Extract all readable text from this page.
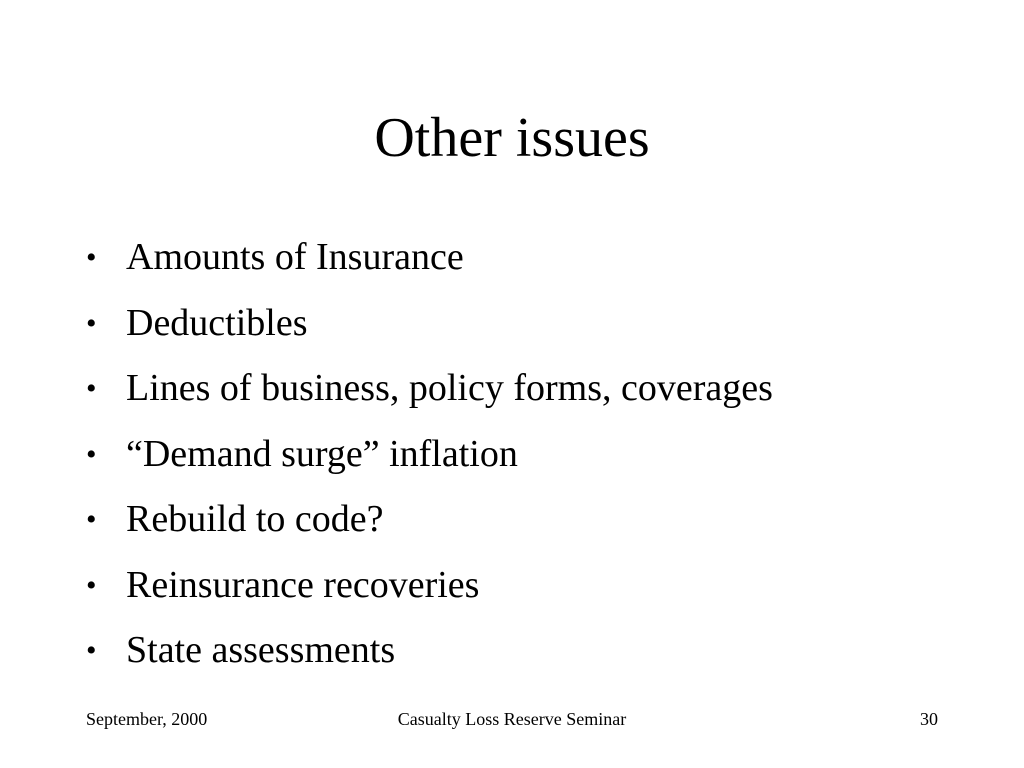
Other issues
• Amounts of Insurance
• Deductibles
• Lines of business, policy forms, coverages
• “Demand surge” inflation
• Rebuild to code?
• Reinsurance recoveries
• State assessments
September, 2000	Casualty Loss Reserve Seminar	30
